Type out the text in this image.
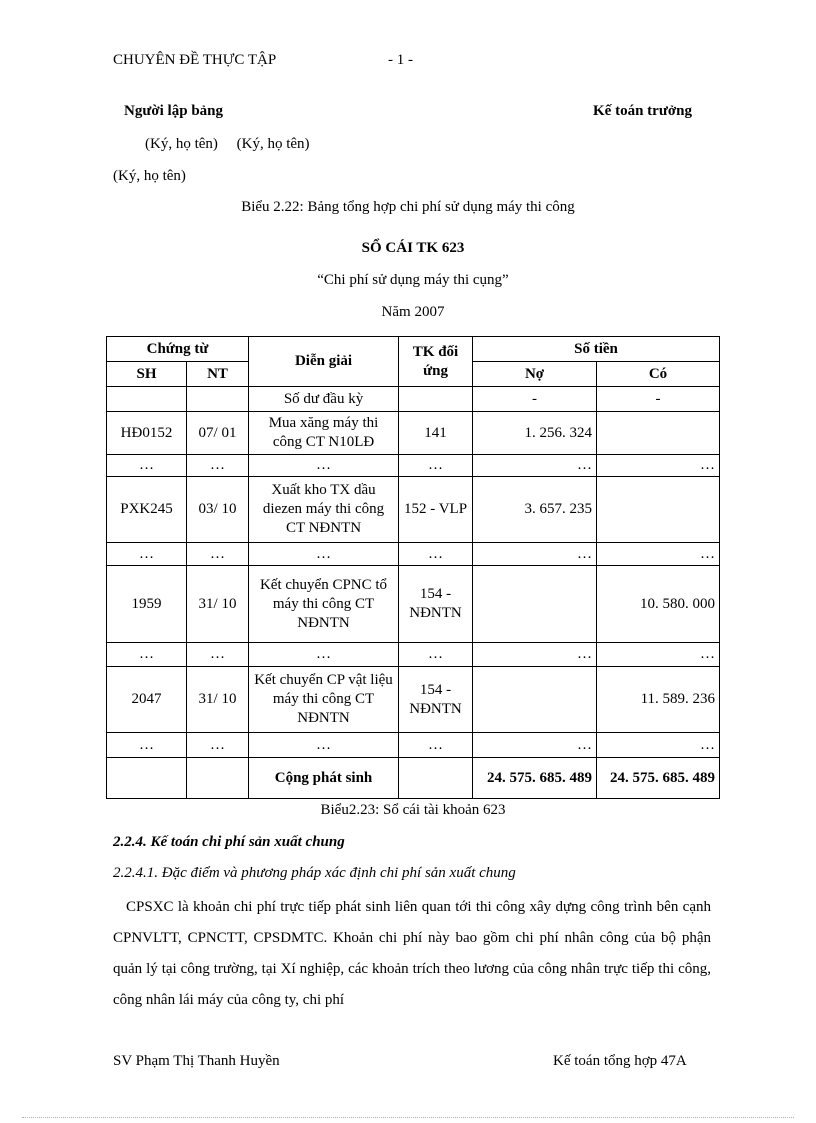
CHUYÊN ĐỀ THỰC TẬP	- 1 -
Người lập bảng	Kế toán trưởng
(Ký, họ tên)     (Ký, họ tên)
(Ký, họ tên)
Biểu 2.22: Bảng tổng hợp chi phí sử dụng máy thi công
SỔ CÁI TK 623
“Chi phí sử dụng máy thi cụng”
Năm 2007
Chứng từ		Diễn giải	TK đối ứng	Số tiền	
SH	NT			Nợ	Có
		Số dư đầu kỳ		-	-
HĐ0152	07/ 01	Mua xăng máy thi công CT N10LĐ	141	1. 256. 324	
…	…	…	…	…	…
PXK245	03/ 10	Xuất kho TX dầu diezen máy thi công CT NĐNTN	152 - VLP	3. 657. 235	
…	…	…	…	…	…
1959	31/ 10	Kết chuyển CPNC tổ máy thi công CT NĐNTN	154 - NĐNTN		10. 580. 000
…	…	…	…	…	…
2047	31/ 10	Kết chuyển CP vật liệu máy thi công CT NĐNTN	154 - NĐNTN		11. 589. 236
…	…	…	…	…	…
		Cộng phát sinh		24. 575. 685. 489	24. 575. 685. 489
Biểu2.23: Sổ cái tài khoản 623
2.2.4. Kế toán chi phí sản xuất chung
2.2.4.1. Đặc điểm và phương pháp xác định chi phí sản xuất chung
CPSXC là khoản chi phí trực tiếp phát sinh liên quan tới thi công xây dựng công trình bên cạnh CPNVLTT, CPNCTT, CPSDMTC. Khoản chi phí này bao gồm chi phí nhân công của bộ phận quản lý tại công trường, tại Xí nghiệp, các khoản trích theo lương của công nhân trực tiếp thi công, công nhân lái máy của công ty, chi phí
SV Phạm Thị Thanh Huyền	Kế toán tổng hợp 47A
